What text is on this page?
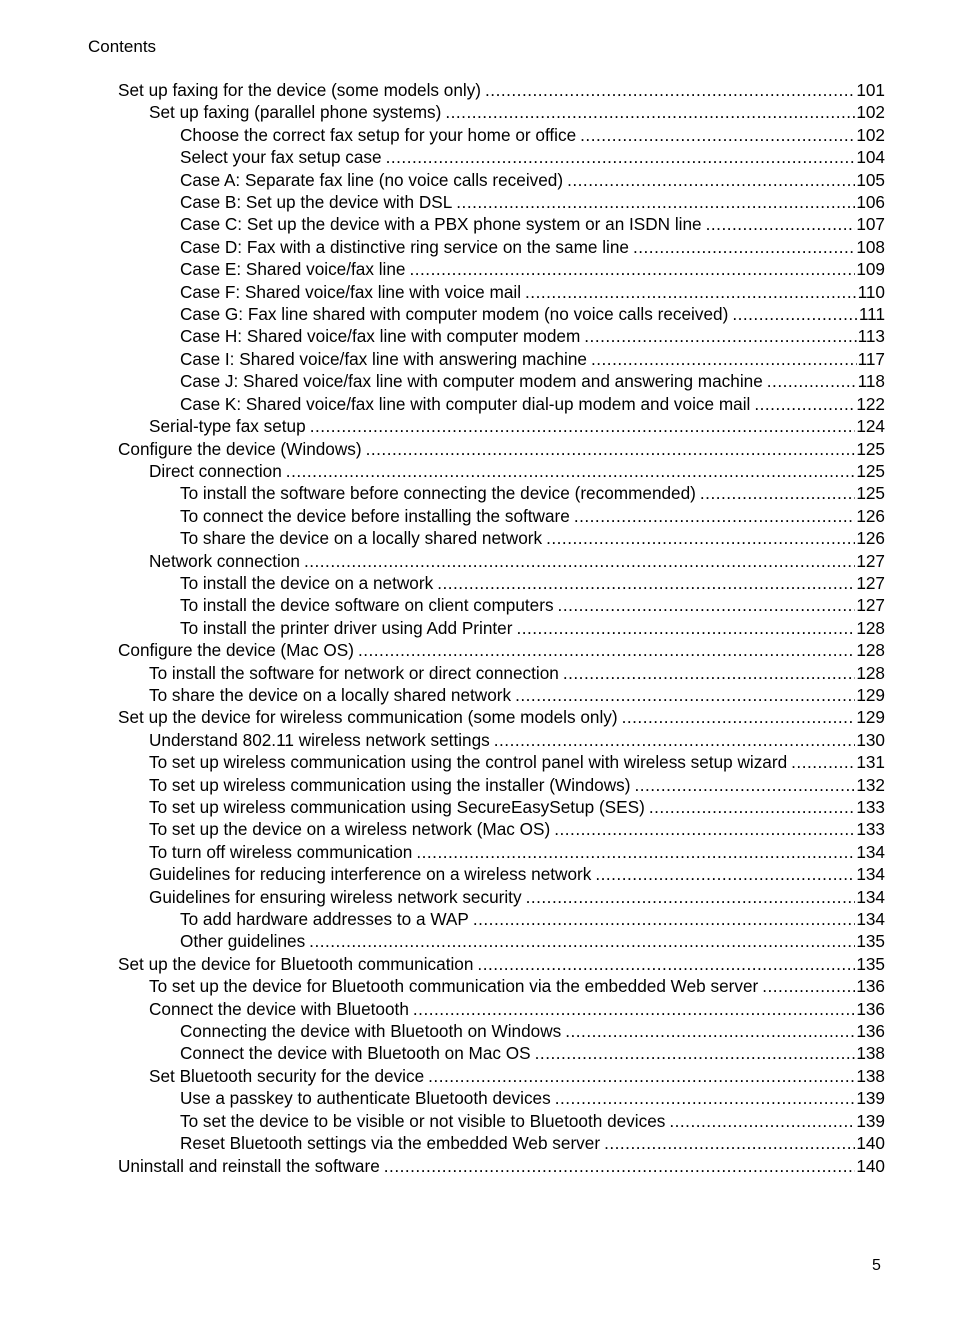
Contents
Set up faxing for the device (some models only) .....	101
Set up faxing (parallel phone systems) .....	102
Choose the correct fax setup for your home or office .....	102
Select your fax setup case .....	104
Case A: Separate fax line (no voice calls received) .....	105
Case B: Set up the device with DSL .....	106
Case C: Set up the device with a PBX phone system or an ISDN line .....	107
Case D: Fax with a distinctive ring service on the same line .....	108
Case E: Shared voice/fax line .....	109
Case F: Shared voice/fax line with voice mail .....	110
Case G: Fax line shared with computer modem (no voice calls received) .....	111
Case H: Shared voice/fax line with computer modem .....	113
Case I: Shared voice/fax line with answering machine .....	117
Case J: Shared voice/fax line with computer modem and answering machine .....	118
Case K: Shared voice/fax line with computer dial-up modem and voice mail .....	122
Serial-type fax setup .....	124
Configure the device (Windows) .....	125
Direct connection .....	125
To install the software before connecting the device (recommended) .....	125
To connect the device before installing the software .....	126
To share the device on a locally shared network .....	126
Network connection .....	127
To install the device on a network .....	127
To install the device software on client computers .....	127
To install the printer driver using Add Printer .....	128
Configure the device (Mac OS) .....	128
To install the software for network or direct connection .....	128
To share the device on a locally shared network .....	129
Set up the device for wireless communication (some models only) .....	129
Understand 802.11 wireless network settings .....	130
To set up wireless communication using the control panel with wireless setup wizard .....	131
To set up wireless communication using the installer (Windows) .....	132
To set up wireless communication using SecureEasySetup (SES) .....	133
To set up the device on a wireless network (Mac OS) .....	133
To turn off wireless communication .....	134
Guidelines for reducing interference on a wireless network .....	134
Guidelines for ensuring wireless network security .....	134
To add hardware addresses to a WAP .....	134
Other guidelines .....	135
Set up the device for Bluetooth communication .....	135
To set up the device for Bluetooth communication via the embedded Web server .....	136
Connect the device with Bluetooth .....	136
Connecting the device with Bluetooth on Windows .....	136
Connect the device with Bluetooth on Mac OS .....	138
Set Bluetooth security for the device .....	138
Use a passkey to authenticate Bluetooth devices .....	139
To set the device to be visible or not visible to Bluetooth devices .....	139
Reset Bluetooth settings via the embedded Web server .....	140
Uninstall and reinstall the software .....	140
5
